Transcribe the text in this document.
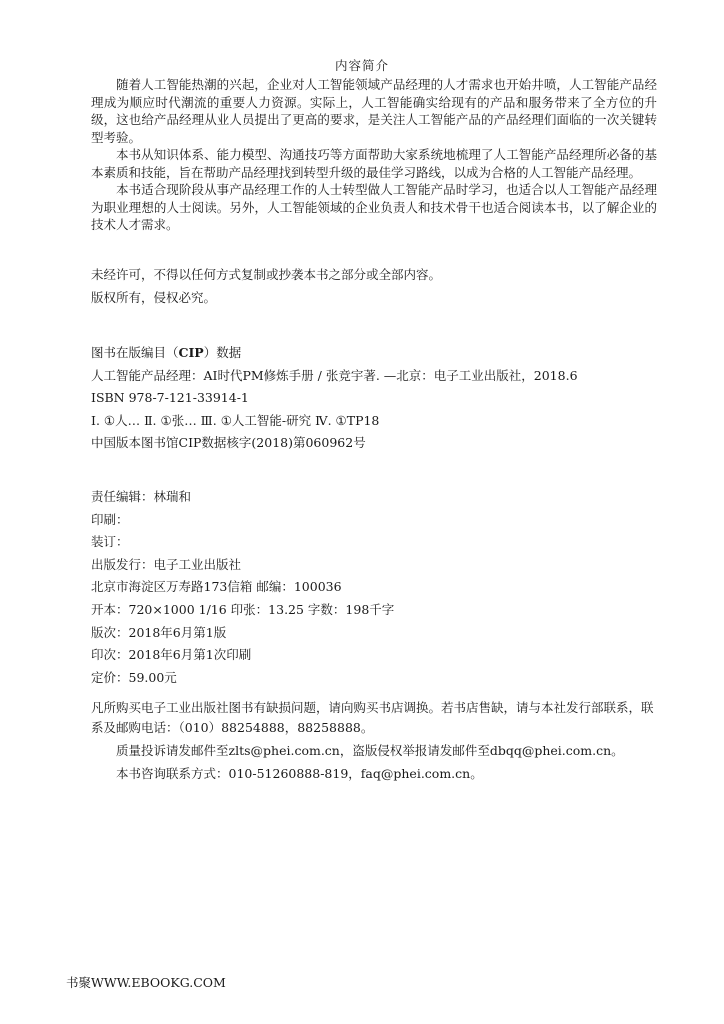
内容简介

随着人工智能热潮的兴起，企业对人工智能领域产品经理的人才需求也开始井喷，人工智能产品经理成为顺应时代潮流的重要人力资源。实际上，人工智能确实给现有的产品和服务带来了全方位的升级，这也给产品经理从业人员提出了更高的要求，是关注人工智能产品的产品经理们面临的一次关键转型考验。

本书从知识体系、能力模型、沟通技巧等方面帮助大家系统地梳理了人工智能产品经理所必备的基本素质和技能，旨在帮助产品经理找到转型升级的最佳学习路线，以成为合格的人工智能产品经理。

本书适合现阶段从事产品经理工作的人士转型做人工智能产品时学习，也适合以人工智能产品经理为职业理想的人士阅读。另外，人工智能领域的企业负责人和技术骨干也适合阅读本书，以了解企业的技术人才需求。

未经许可，不得以任何方式复制或抄袭本书之部分或全部内容。

版权所有，侵权必究。

图书在版编目（CIP）数据

人工智能产品经理：AI时代PM修炼手册 / 张竞宇著. —北京：电子工业出版社，2018.6

ISBN 978-7-121-33914-1

Ⅰ. ①人… Ⅱ. ①张… Ⅲ. ①人工智能-研究 Ⅳ. ①TP18

中国版本图书馆CIP数据核字(2018)第060962号

责任编辑：林瑞和

印刷：

装订：

出版发行：电子工业出版社

北京市海淀区万寿路173信箱 邮编：100036

开本：720×1000 1/16 印张：13.25 字数：198千字

版次：2018年6月第1版

印次：2018年6月第1次印刷

定价：59.00元

凡所购买电子工业出版社图书有缺损问题，请向购买书店调换。若书店售缺，请与本社发行部联系，联系及邮购电话：（010）88254888，88258888。

质量投诉请发邮件至zlts@phei.com.cn，盗版侵权举报请发邮件至dbqq@phei.com.cn。

本书咨询联系方式：010-51260888-819，faq@phei.com.cn。

书聚WWW.EBOOKG.COM
